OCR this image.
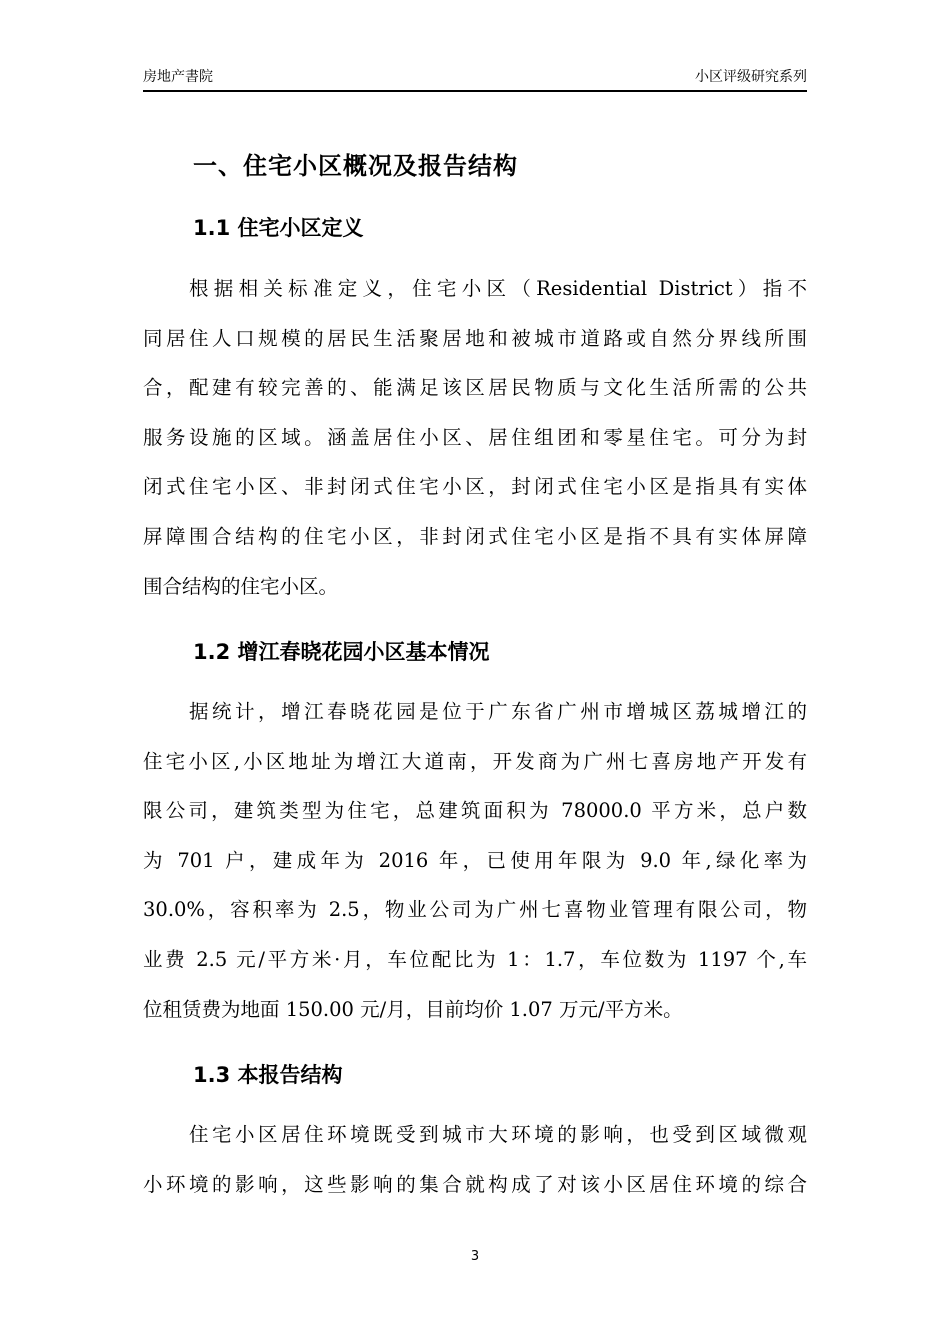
房地产書院	小区评级研究系列
一、住宅小区概况及报告结构
1.1 住宅小区定义
根据相关标准定义，住宅小区（Residential District）指不
同居住人口规模的居民生活聚居地和被城市道路或自然分界线所围
合，配建有较完善的、能满足该区居民物质与文化生活所需的公共
服务设施的区域。涵盖居住小区、居住组团和零星住宅。可分为封
闭式住宅小区、非封闭式住宅小区，封闭式住宅小区是指具有实体
屏障围合结构的住宅小区，非封闭式住宅小区是指不具有实体屏障
围合结构的住宅小区。
1.2 增江春晓花园小区基本情况
据统计，增江春晓花园是位于广东省广州市增城区荔城增江的
住宅小区,小区地址为增江大道南，开发商为广州七喜房地产开发有
限公司，建筑类型为住宅，总建筑面积为 78000.0 平方米，总户数
为 701 户，建成年为 2016 年，已使用年限为 9.0 年,绿化率为
30.0%，容积率为 2.5，物业公司为广州七喜物业管理有限公司，物
业费 2.5 元/平方米·月，车位配比为 1：1.7，车位数为 1197 个,车
位租赁费为地面 150.00 元/月，目前均价 1.07 万元/平方米。
1.3 本报告结构
住宅小区居住环境既受到城市大环境的影响，也受到区域微观
小环境的影响，这些影响的集合就构成了对该小区居住环境的综合
3
